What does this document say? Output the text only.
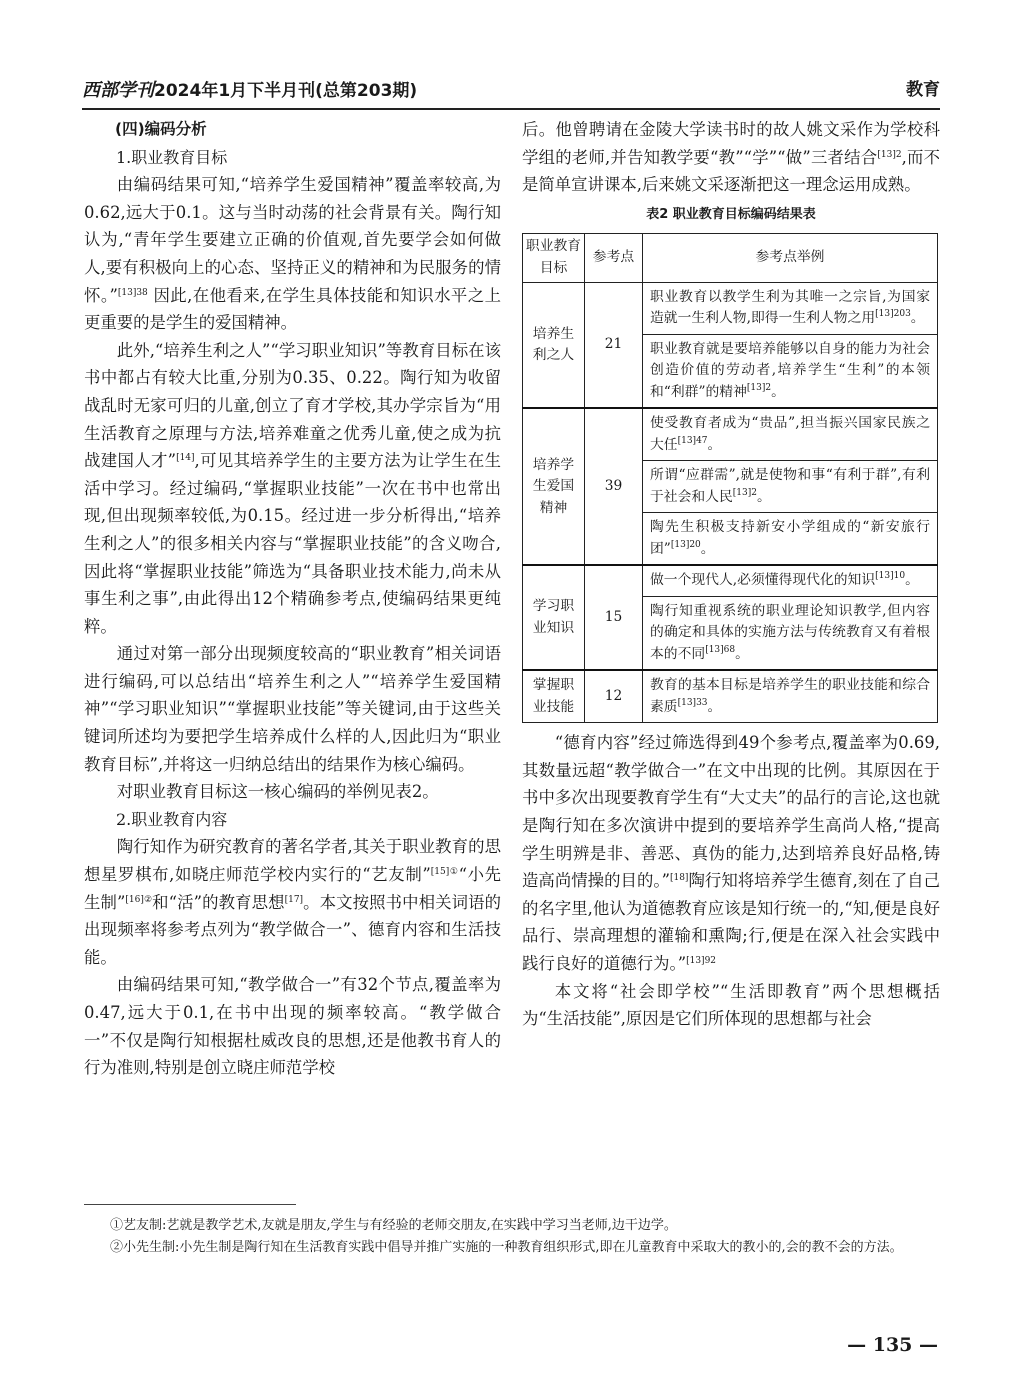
西部学刊2024年1月下半月刊(总第203期)	教育

(四)编码分析

1.职业教育目标

由编码结果可知,“培养学生爱国精神”覆盖率较高,为0.62,远大于0.1。这与当时动荡的社会背景有关。陶行知认为,“青年学生要建立正确的价值观,首先要学会如何做人,要有积极向上的心态、坚持正义的精神和为民服务的情怀。”$^{[13]38}$ 因此,在他看来,在学生具体技能和知识水平之上更重要的是学生的爱国精神。

此外,“培养生利之人”“学习职业知识”等教育目标在该书中都占有较大比重,分别为0.35、0.22。陶行知为收留战乱时无家可归的儿童,创立了育才学校,其办学宗旨为“用生活教育之原理与方法,培养难童之优秀儿童,使之成为抗战建国人才”[14],可见其培养学生的主要方法为让学生在生活中学习。经过编码,“掌握职业技能”一次在书中也常出现,但出现频率较低,为0.15。经过进一步分析得出,“培养生利之人”的很多相关内容与“掌握职业技能”的含义吻合,因此将“掌握职业技能”筛选为“具备职业技术能力,尚未从事生利之事”,由此得出12个精确参考点,使编码结果更纯粹。

通过对第一部分出现频度较高的“职业教育”相关词语进行编码,可以总结出“培养生利之人”“培养学生爱国精神”“学习职业知识”“掌握职业技能”等关键词,由于这些关键词所述均为要把学生培养成什么样的人,因此归为“职业教育目标”,并将这一归纳总结出的结果作为核心编码。

对职业教育目标这一核心编码的举例见表2。

2.职业教育内容

陶行知作为研究教育的著名学者,其关于职业教育的思想星罗棋布,如晓庄师范学校内实行的“艺友制”$^{[15]①}$“小先生制”$^{[16]②}$和“活”的教育思想[17]。本文按照书中相关词语的出现频率将参考点列为“教学做合一”、德育内容和生活技能。

由编码结果可知,“教学做合一”有32个节点,覆盖率为0.47,远大于0.1,在书中出现的频率较高。“教学做合一”不仅是陶行知根据杜威改良的思想,还是他教书育人的行为准则,特别是创立晓庄师范学校

后。他曾聘请在金陵大学读书时的故人姚文采作为学校科学组的老师,并告知教学要“教”“学”“做”三者结合$^{[13]2}$,而不是简单宣讲课本,后来姚文采逐渐把这一理念运用成熟。

表2 职业教育目标编码结果表
职业教育目标	参考点	参考点举例
培养生利之人	21	职业教育以教学生利为其唯一之宗旨,为国家造就一生利人物,即得一生利人物之用$^{[13]203}$。
		职业教育就是要培养能够以自身的能力为社会创造价值的劳动者,培养学生“生利”的本领和“利群”的精神$^{[13]2}$。
培养学生爱国精神	39	使受教育者成为“贵品”,担当振兴国家民族之大任$^{[13]47}$。
		所谓“应群需”,就是使物和事“有利于群”,有利于社会和人民$^{[13]2}$。
		陶先生积极支持新安小学组成的“新安旅行团”$^{[13]20}$。
学习职业知识	15	做一个现代人,必须懂得现代化的知识$^{[13]10}$。
		陶行知重视系统的职业理论知识教学,但内容的确定和具体的实施方法与传统教育又有着根本的不同$^{[13]68}$。
掌握职业技能	12	教育的基本目标是培养学生的职业技能和综合素质$^{[13]33}$。

“德育内容”经过筛选得到49个参考点,覆盖率为0.69,其数量远超“教学做合一”在文中出现的比例。其原因在于书中多次出现要教育学生有“大丈夫”的品行的言论,这也就是陶行知在多次演讲中提到的要培养学生高尚人格,“提高学生明辨是非、善恶、真伪的能力,达到培养良好品格,铸造高尚情操的目的。”[18]陶行知将培养学生德育,刻在了自己的名字里,他认为道德教育应该是知行统一的,“知,便是良好品行、崇高理想的灌输和熏陶;行,便是在深入社会实践中践行良好的道德行为。”$^{[13]92}$

本文将“社会即学校”“生活即教育”两个思想概括为“生活技能”,原因是它们所体现的思想都与社会

①艺友制:艺就是教学艺术,友就是朋友,学生与有经验的老师交朋友,在实践中学习当老师,边干边学。

②小先生制:小先生制是陶行知在生活教育实践中倡导并推广实施的一种教育组织形式,即在儿童教育中采取大的教小的,会的教不会的方法。

— 135 —
